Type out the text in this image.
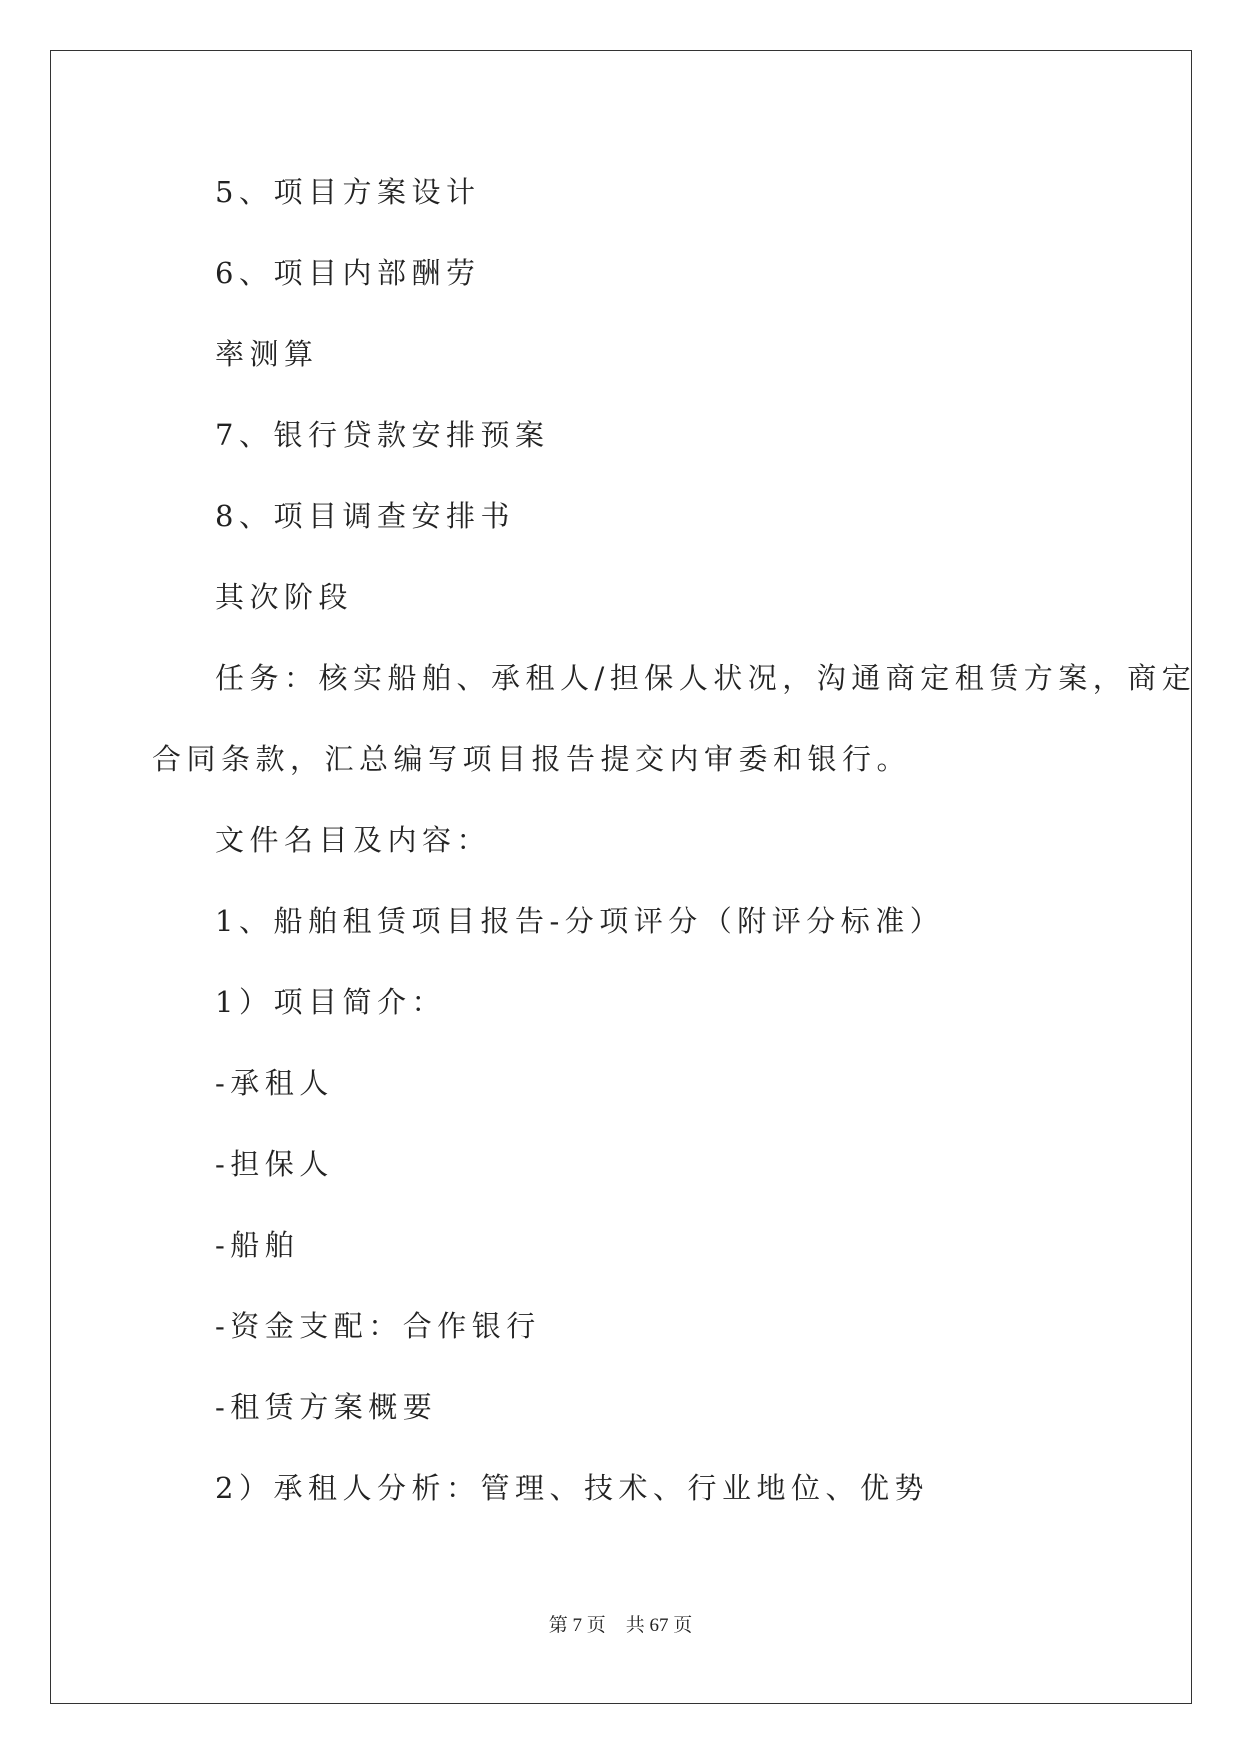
5、项目方案设计
6、项目内部酬劳
率测算
7、银行贷款安排预案
8、项目调查安排书
其次阶段
任务：核实船舶、承租人/担保人状况，沟通商定租赁方案，商定
合同条款，汇总编写项目报告提交内审委和银行。
文件名目及内容：
1、船舶租赁项目报告-分项评分（附评分标准）
1）项目简介：
-承租人
-担保人
-船舶
-资金支配：合作银行
-租赁方案概要
2）承租人分析：管理、技术、行业地位、优势
第 7 页 共 67 页
